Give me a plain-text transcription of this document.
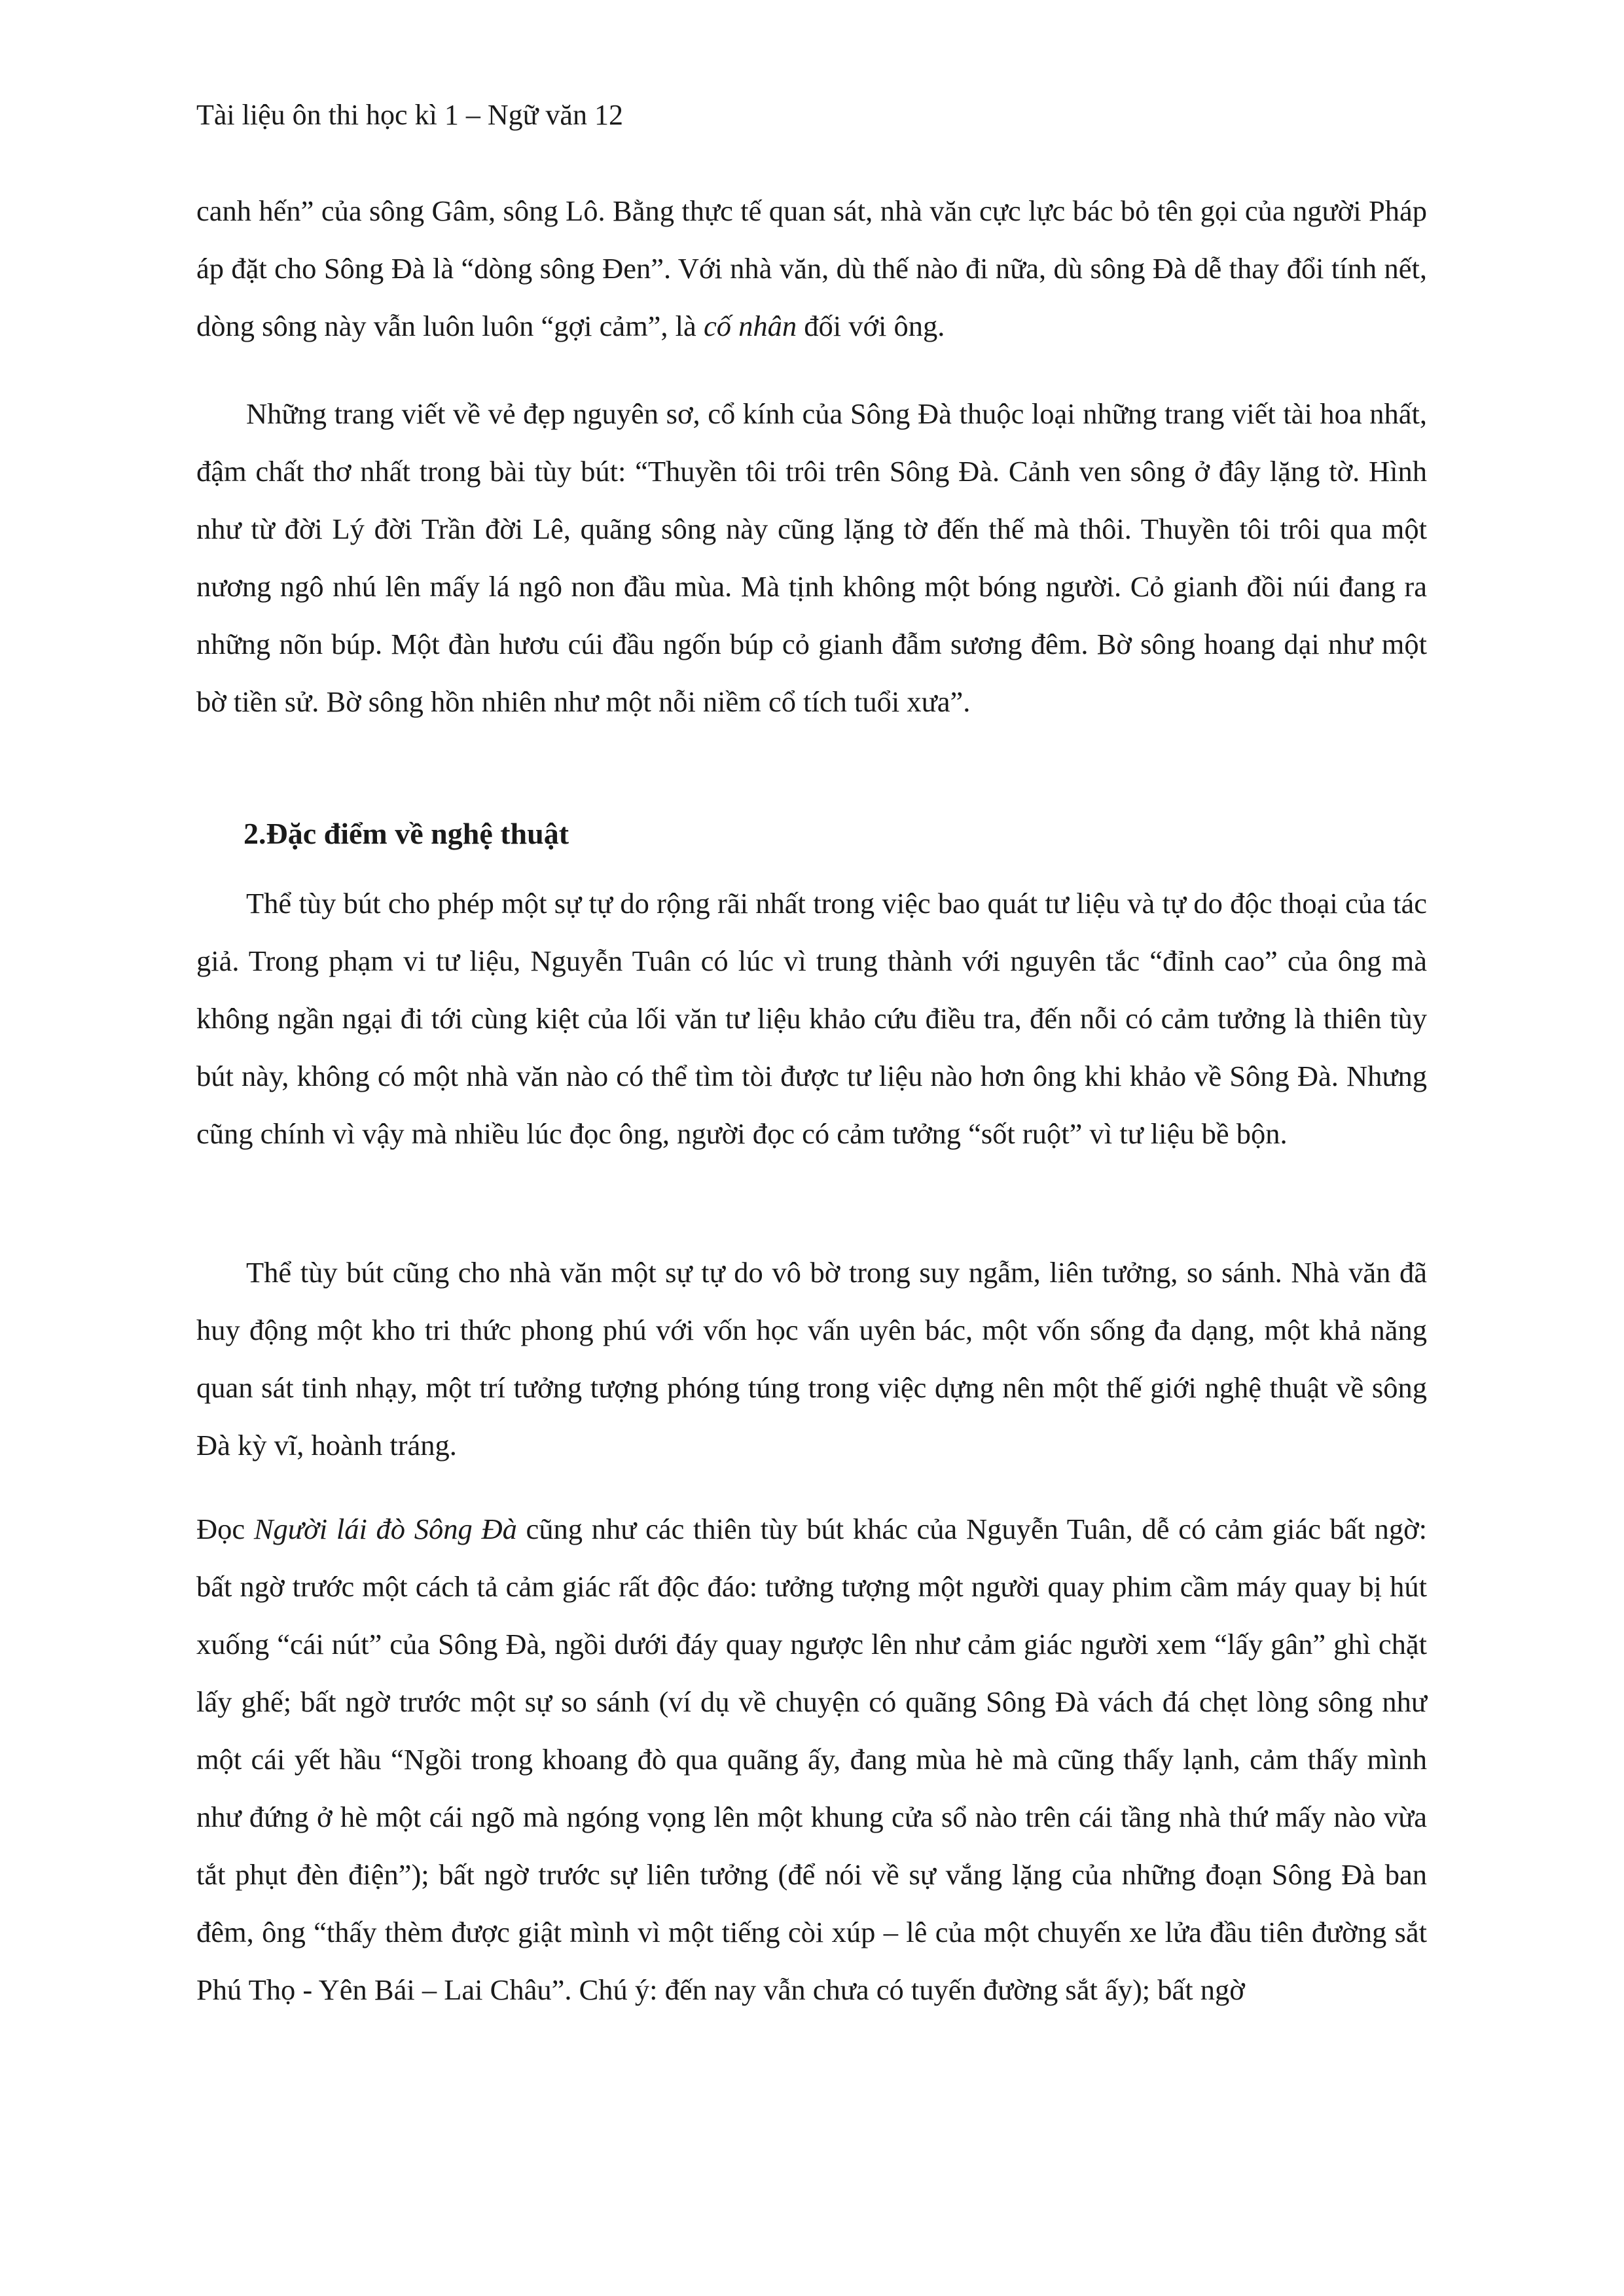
Tài liệu ôn thi học kì 1 – Ngữ văn 12

canh hến” của sông Gâm, sông Lô. Bằng thực tế quan sát, nhà văn cực lực bác bỏ tên gọi của người Pháp áp đặt cho Sông Đà là “dòng sông Đen”. Với nhà văn, dù thế nào đi nữa, dù sông Đà dễ thay đổi tính nết, dòng sông này vẫn luôn luôn “gợi cảm”, là cố nhân đối với ông.

Những trang viết về vẻ đẹp nguyên sơ, cổ kính của Sông Đà thuộc loại những trang viết tài hoa nhất, đậm chất thơ nhất trong bài tùy bút: “Thuyền tôi trôi trên Sông Đà. Cảnh ven sông ở đây lặng tờ. Hình như từ đời Lý đời Trần đời Lê, quãng sông này cũng lặng tờ đến thế mà thôi. Thuyền tôi trôi qua một nương ngô nhú lên mấy lá ngô non đầu mùa. Mà tịnh không một bóng người. Cỏ gianh đồi núi đang ra những nõn búp. Một đàn hươu cúi đầu ngốn búp cỏ gianh đẫm sương đêm. Bờ sông hoang dại như một bờ tiền sử. Bờ sông hồn nhiên như một nỗi niềm cổ tích tuổi xưa”.

2.Đặc điểm về nghệ thuật

Thể tùy bút cho phép một sự tự do rộng rãi nhất trong việc bao quát tư liệu và tự do độc thoại của tác giả. Trong phạm vi tư liệu, Nguyễn Tuân có lúc vì trung thành với nguyên tắc “đỉnh cao” của ông mà không ngần ngại đi tới cùng kiệt của lối văn tư liệu khảo cứu điều tra, đến nỗi có cảm tưởng là thiên tùy bút này, không có một nhà văn nào có thể tìm tòi được tư liệu nào hơn ông khi khảo về Sông Đà. Nhưng cũng chính vì vậy mà nhiều lúc đọc ông, người đọc có cảm tưởng “sốt ruột” vì tư liệu bề bộn.

Thể tùy bút cũng cho nhà văn một sự tự do vô bờ trong suy ngẫm, liên tưởng, so sánh. Nhà văn đã huy động một kho tri thức phong phú với vốn học vấn uyên bác, một vốn sống đa dạng, một khả năng quan sát tinh nhạy, một trí tưởng tượng phóng túng trong việc dựng nên một thế giới nghệ thuật về sông Đà kỳ vĩ, hoành tráng.

Đọc Người lái đò Sông Đà cũng như các thiên tùy bút khác của Nguyễn Tuân, dễ có cảm giác bất ngờ: bất ngờ trước một cách tả cảm giác rất độc đáo: tưởng tượng một người quay phim cầm máy quay bị hút xuống “cái nút” của Sông Đà, ngồi dưới đáy quay ngược lên như cảm giác người xem “lấy gân” ghì chặt lấy ghế; bất ngờ trước một sự so sánh (ví dụ về chuyện có quãng Sông Đà vách đá chẹt lòng sông như một cái yết hầu “Ngồi trong khoang đò qua quãng ấy, đang mùa hè mà cũng thấy lạnh, cảm thấy mình như đứng ở hè một cái ngõ mà ngóng vọng lên một khung cửa sổ nào trên cái tầng nhà thứ mấy nào vừa tắt phụt đèn điện”); bất ngờ trước sự liên tưởng (để nói về sự vắng lặng của những đoạn Sông Đà ban đêm, ông “thấy thèm được giật mình vì một tiếng còi xúp – lê của một chuyến xe lửa đầu tiên đường sắt Phú Thọ - Yên Bái – Lai Châu”. Chú ý: đến nay vẫn chưa có tuyến đường sắt ấy); bất ngờ
